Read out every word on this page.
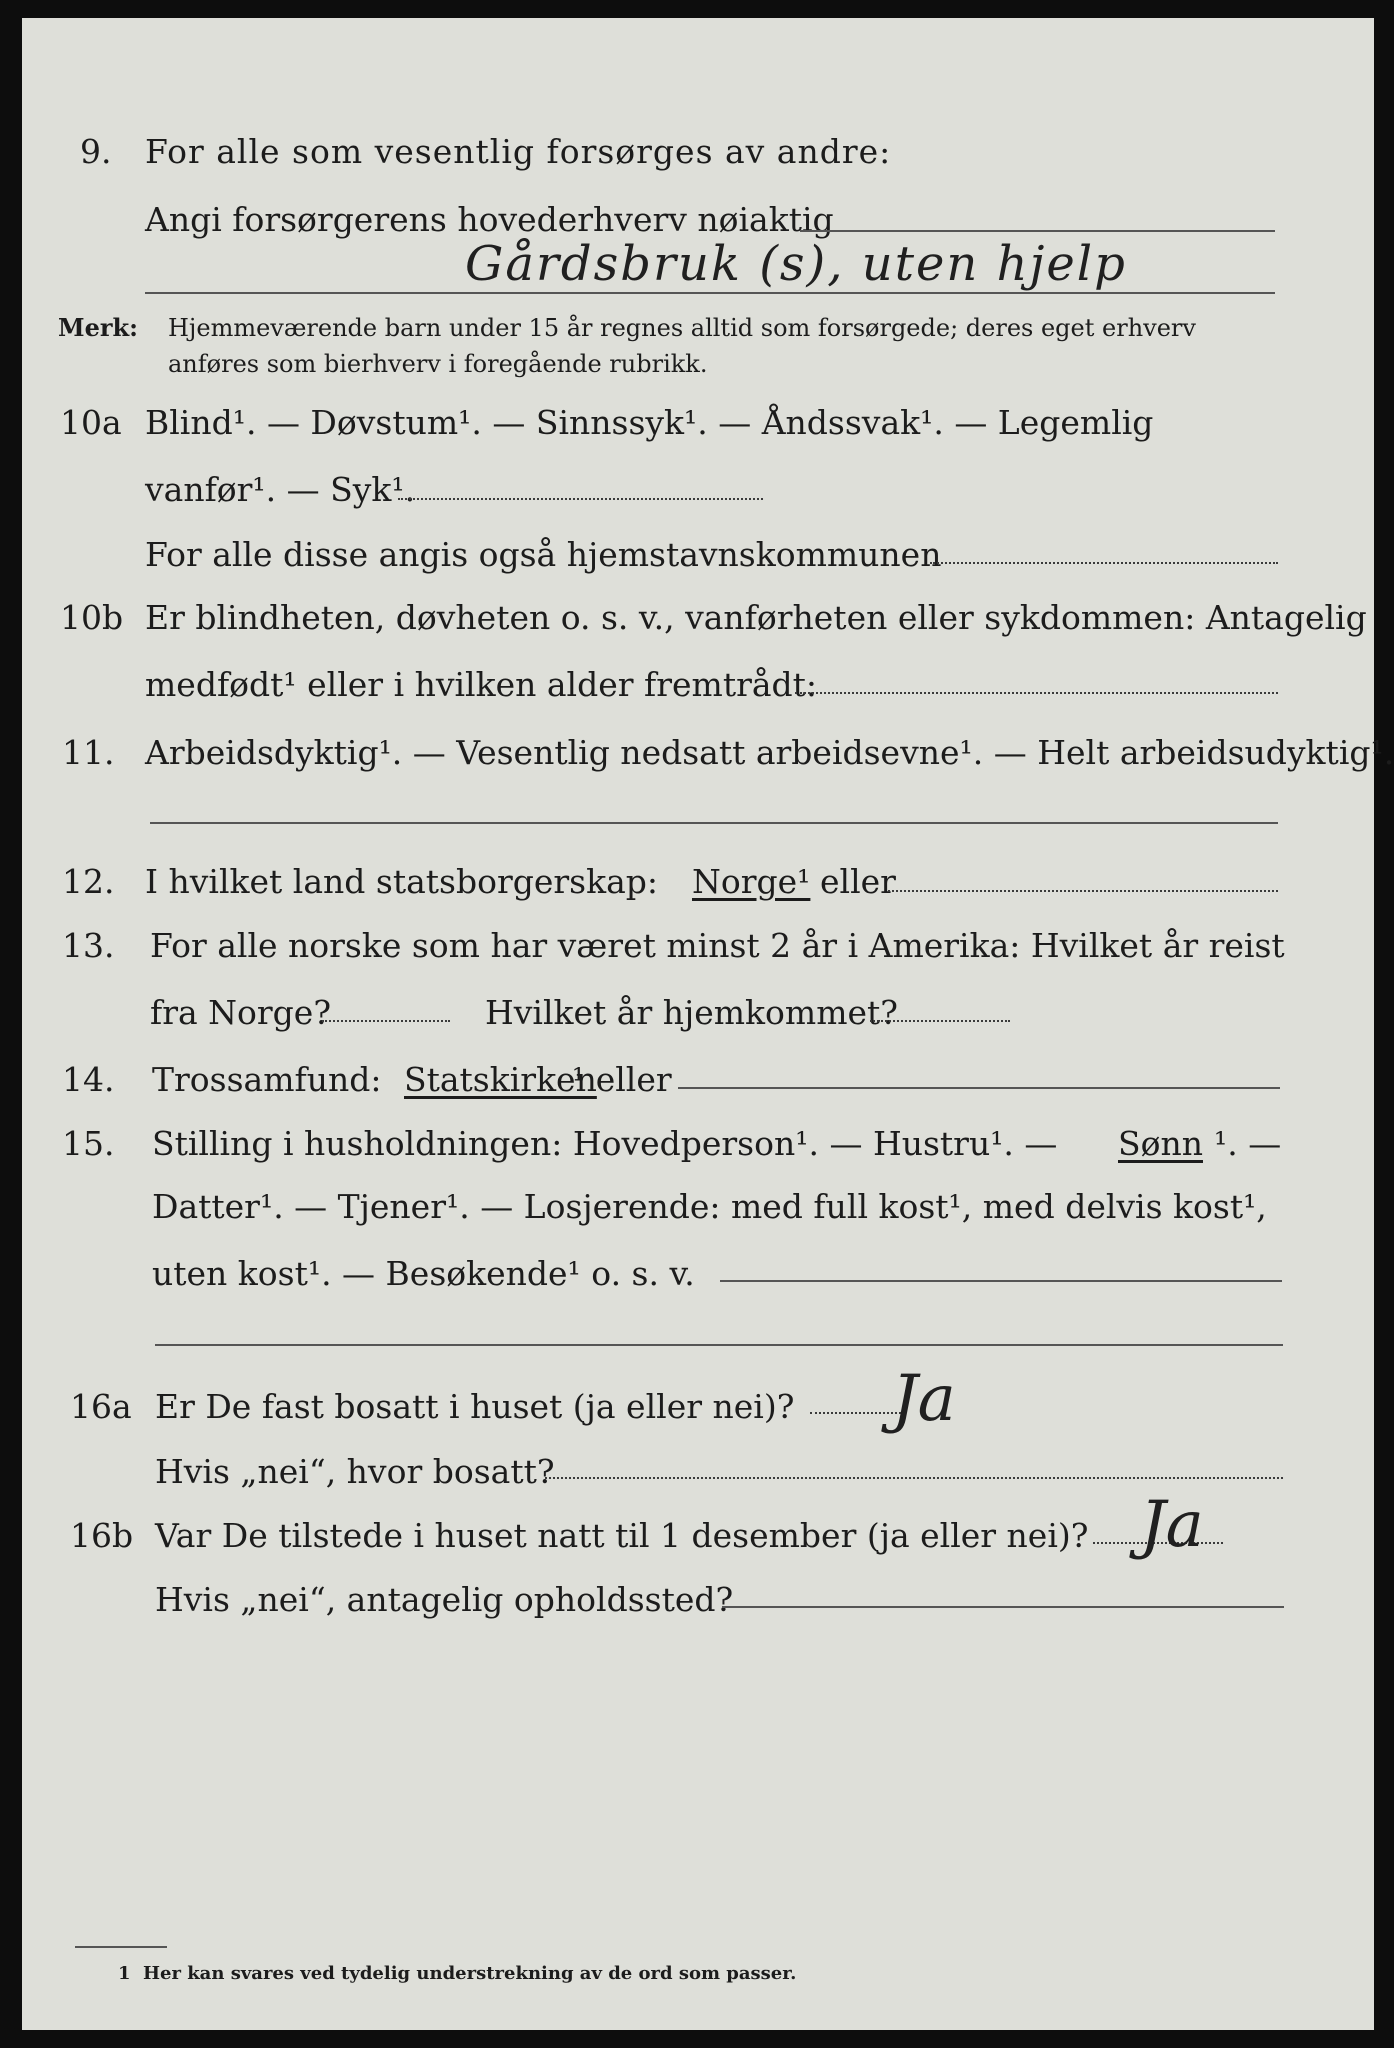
9. For alle som vesentlig forsørges av andre:
Angi forsørgerens hovederhverv nøiaktig
Gårdsbruk (s), uten hjelp
Merk: Hjemmeværende barn under 15 år regnes alltid som forsørgede; deres eget erhverv
anføres som bierhverv i foregående rubrikk.
10a Blind¹. — Døvstum¹. — Sinnssyk¹. — Åndssvak¹. — Legemlig
vanfør¹. — Syk¹.
For alle disse angis også hjemstavnskommunen
10b Er blindheten, døvheten o. s. v., vanførheten eller sykdommen: Antagelig
medfødt¹ eller i hvilken alder fremtrådt:
11. Arbeidsdyktig¹. — Vesentlig nedsatt arbeidsevne¹. — Helt arbeidsudyktig¹.
12. I hvilket land statsborgerskap: Norge¹ eller
13. For alle norske som har været minst 2 år i Amerika: Hvilket år reist
fra Norge?	Hvilket år hjemkommet?
14. Trossamfund: Statskirken
¹ eller
15. Stilling i husholdningen: Hovedperson¹. — Hustru¹. — Sønn ¹. —
Datter¹. — Tjener¹. — Losjerende: med full kost¹, med delvis kost¹,
uten kost¹. — Besøkende¹ o. s. v.
16a Er De fast bosatt i huset (ja eller nei)? Ja
Hvis „nei“, hvor bosatt?
16b Var De tilstede i huset natt til 1 desember (ja eller nei)? Ja
Hvis „nei“, antagelig opholdssted?
1 Her kan svares ved tydelig understrekning av de ord som passer.
